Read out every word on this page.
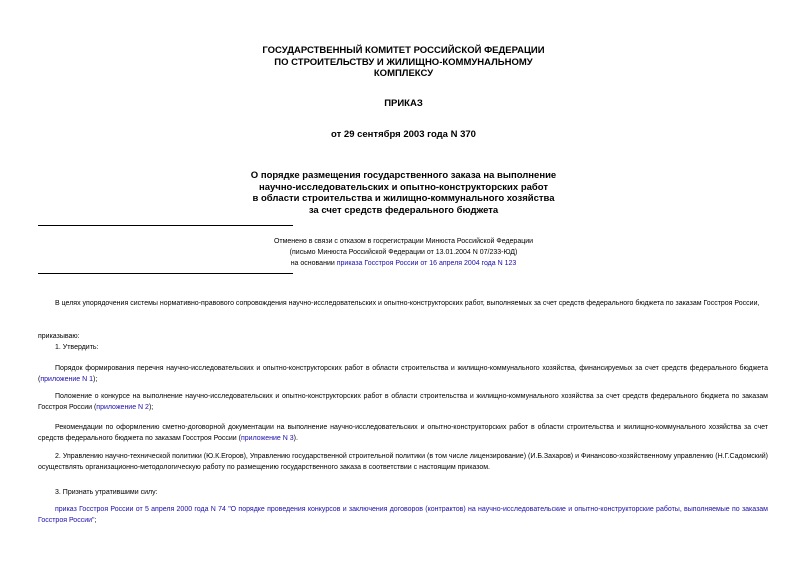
ГОСУДАРСТВЕННЫЙ КОМИТЕТ РОССИЙСКОЙ ФЕДЕРАЦИИ
ПО СТРОИТЕЛЬСТВУ И ЖИЛИЩНО-КОММУНАЛЬНОМУ
КОМПЛЕКСУ
ПРИКАЗ
от 29 сентября 2003 года N 370
О порядке размещения государственного заказа на выполнение
научно-исследовательских и опытно-конструкторских работ
в области строительства и жилищно-коммунального хозяйства
за счет средств федерального бюджета
Отменено в связи с отказом в госрегистрации Минюста Российской Федерации
(письмо Минюста Российской Федерации от 13.01.2004 N 07/233-ЮД)
на основании приказа Госстроя России от 16 апреля 2004 года N 123

В целях упорядочения системы нормативно-правового сопровождения научно-исследовательских и опытно-конструкторских работ, выполняемых за счет средств федерального бюджета по заказам Госстроя России,

приказываю:

1. Утвердить:

Порядок формирования перечня научно-исследовательских и опытно-конструкторских работ в области строительства и жилищно-коммунального хозяйства, финансируемых за счет средств федерального бюджета (приложение N 1);

Положение о конкурсе на выполнение научно-исследовательских и опытно-конструкторских работ в области строительства и жилищно-коммунального хозяйства за счет средств федерального бюджета по заказам Госстроя России (приложение N 2);

Рекомендации по оформлению сметно-договорной документации на выполнение научно-исследовательских и опытно-конструкторских работ в области строительства и жилищно-коммунального хозяйства за счет средств федерального бюджета по заказам Госстроя России (приложение N 3).

2. Управлению научно-технической политики (Ю.К.Егоров), Управлению государственной строительной политики (в том числе лицензирование) (И.Б.Захаров) и Финансово-хозяйственному управлению (Н.Г.Садомский) осуществлять организационно-методологическую работу по размещению государственного заказа в соответствии с настоящим приказом.

3. Признать утратившими силу:

приказ Госстроя России от 5 апреля 2000 года N 74 "О порядке проведения конкурсов и заключения договоров (контрактов) на научно-исследовательские и опытно-конструкторские работы, выполняемые по заказам Госстроя России";
